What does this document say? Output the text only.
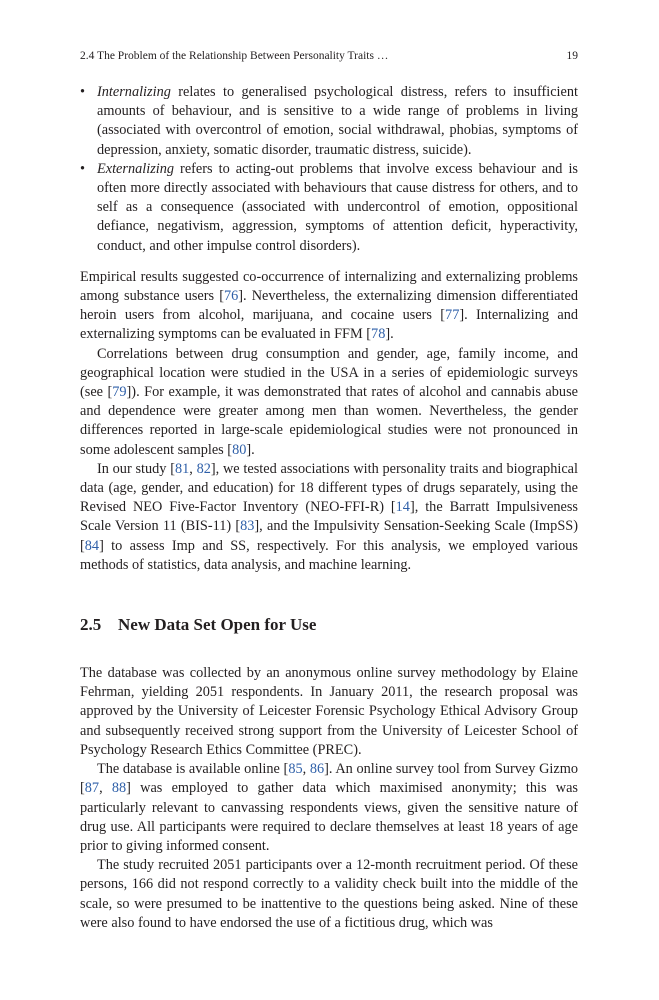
2.4 The Problem of the Relationship Between Personality Traits …	19
• Internalizing relates to generalised psychological distress, refers to insufficient amounts of behaviour, and is sensitive to a wide range of problems in living (associated with overcontrol of emotion, social withdrawal, phobias, symptoms of depression, anxiety, somatic disorder, traumatic distress, suicide).
• Externalizing refers to acting-out problems that involve excess behaviour and is often more directly associated with behaviours that cause distress for others, and to self as a consequence (associated with undercontrol of emotion, oppositional defiance, negativism, aggression, symptoms of attention deficit, hyperactivity, conduct, and other impulse control disorders).

Empirical results suggested co-occurrence of internalizing and externalizing problems among substance users [76]. Nevertheless, the externalizing dimension differentiated heroin users from alcohol, marijuana, and cocaine users [77]. Internalizing and externalizing symptoms can be evaluated in FFM [78].

Correlations between drug consumption and gender, age, family income, and geographical location were studied in the USA in a series of epidemiologic surveys (see [79]). For example, it was demonstrated that rates of alcohol and cannabis abuse and dependence were greater among men than women. Nevertheless, the gender differences reported in large-scale epidemiological studies were not pronounced in some adolescent samples [80].

In our study [81, 82], we tested associations with personality traits and biographical data (age, gender, and education) for 18 different types of drugs separately, using the Revised NEO Five-Factor Inventory (NEO-FFI-R) [14], the Barratt Impulsiveness Scale Version 11 (BIS-11) [83], and the Impulsivity Sensation-Seeking Scale (ImpSS) [84] to assess Imp and SS, respectively. For this analysis, we employed various methods of statistics, data analysis, and machine learning.

2.5 New Data Set Open for Use

The database was collected by an anonymous online survey methodology by Elaine Fehrman, yielding 2051 respondents. In January 2011, the research proposal was approved by the University of Leicester Forensic Psychology Ethical Advisory Group and subsequently received strong support from the University of Leicester School of Psychology Research Ethics Committee (PREC).

The database is available online [85, 86]. An online survey tool from Survey Gizmo [87, 88] was employed to gather data which maximised anonymity; this was particularly relevant to canvassing respondents views, given the sensitive nature of drug use. All participants were required to declare themselves at least 18 years of age prior to giving informed consent.

The study recruited 2051 participants over a 12-month recruitment period. Of these persons, 166 did not respond correctly to a validity check built into the middle of the scale, so were presumed to be inattentive to the questions being asked. Nine of these were also found to have endorsed the use of a fictitious drug, which was
